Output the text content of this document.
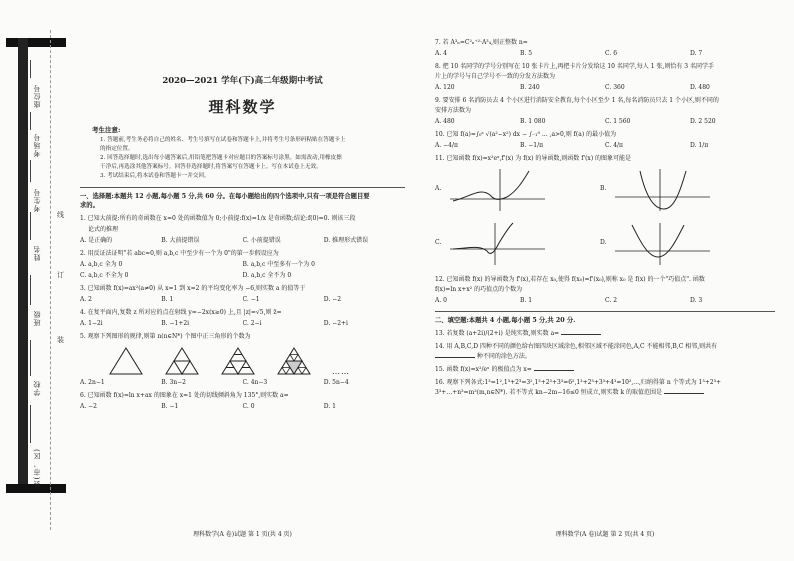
县(市、区)
学校
班级
姓名
考生号
考场号
座位号
线
订
装
2020—2021 学年(下)高二年级期中考试
理科数学
考生注意:
1. 答题前,考生务必将自己的姓名、考生号填写在试卷和答题卡上,并将考生号条形码粘贴在答题卡上
的指定位置。
2. 回答选择题时,选出每小题答案后,用铅笔把答题卡对应题目的答案标号涂黑。如需改动,用橡皮擦
干净后,再选涂其他答案标号。回答非选择题时,将答案写在答题卡上。写在本试卷上无效。
3. 考试结束后,将本试卷和答题卡一并交回。
一、选择题:本题共 12 小题,每小题 5 分,共 60 分。在每小题给出的四个选项中,只有一项是符合题目要
求的。
1. 已知大前提:所有的奇函数在 x=0 处的函数值为 0;小前提:f(x)=1/x 是奇函数;结论:f(0)=0. 则该三段
论式的推理
A. 是正确的	B. 大前提错误	C. 小前提错误	D. 推理形式错误
2. 用反证法证明"若 abc=0,则 a,b,c 中至少有一个为 0"的第一步假设应为
A. a,b,c 全为 0	B. a,b,c 中至多有一个为 0
C. a,b,c 不全为 0	D. a,b,c 全不为 0
3. 已知函数 f(x)=ax²(a≠0) 从 x=1 到 x=2 的平均变化率为 −6,则实数 a 的值等于
A. 2	B. 1	C. −1	D. −2
4. 在复平面内,复数 z 所对应的点在射线 y=−2x(x≥0) 上,且 |z|=√5,则 z̄=
A. 1−2i	B. −1+2i	C. 2−i	D. −2+i
5. 观察下列图形的规律,则第 n(n∈N*) 个图中正三角形的个数为
……
A. 2n−1	B. 3n−2	C. 4n−3	D. 5n−4
6. 已知函数 f(x)=ln x+ax 的图象在 x=1 处的切线倾斜角为 135°,则实数 a=
A. −2	B. −1	C. 0	D. 1
理科数学(A 卷)试题 第 1 页(共 4 页)
7. 若 A³ₙ=C²ₙ⁺²·A³₄,则正整数 n=
A. 4	B. 5	C. 6	D. 7
8. 把 10 名同学的学号分别写在 10 张卡片上,再把卡片分发给这 10 名同学,每人 1 张,则恰有 3 名同学手
片上的学号与自己学号不一致的分发方法数为
A. 120	B. 240	C. 360	D. 480
9. 要安排 6 名消防员去 4 个小区进行消防安全教育,每个小区至少 1 名,每名消防员只去 1 个小区,则不同的
安排方法数为
A. 480	B. 1 080	C. 1 560	D. 2 520
10. 已知 f(a)=∫₀ᵃ √(a²−x²) dx − ∫₋₁⁰ ... ,a>0,则 f(a) 的最小值为
A. −4/π	B. −1/π	C. 4/π	D. 1/π
11. 已知函数 f(x)=x²eˣ,f'(x) 为 f(x) 的导函数,则函数 f'(x) 的图象可能是
A.	B.
C.	D.
12. 已知函数 f(x) 的导函数为 f'(x),若存在 x₀,使得 f(x₀)=f'(x₀),则称 x₀ 是 f(x) 的一个"巧值点". 函数
f(x)=ln x+x² 的巧值点的个数为
A. 0	B. 1	C. 2	D. 3
二、填空题:本题共 4 小题,每小题 5 分,共 20 分.
13. 若复数 (a+2i)/(2+i) 是纯实数,则实数 a=
14. 用 A,B,C,D 四种不同的颜色给右图四块区域涂色,相邻区域不能涂同色,A,C 不能相邻,B,C 相邻,则共有
种不同的涂色方法。
15. 函数 f(x)=x²/eˣ 的极值点为 x=
16. 观察下列各式:1³=1²,1³+2³=3²,1³+2³+3³=6²,1³+2³+3³+4³=10²,...,归纳得第 n 个等式为 1³+2³+
3³+…+n³=m²(m,n∈N*). 若不等式 kn−2m−16≤0 恒成立,则实数 k 的取值范围是
理科数学(A 卷)试题 第 2 页(共 4 页)
